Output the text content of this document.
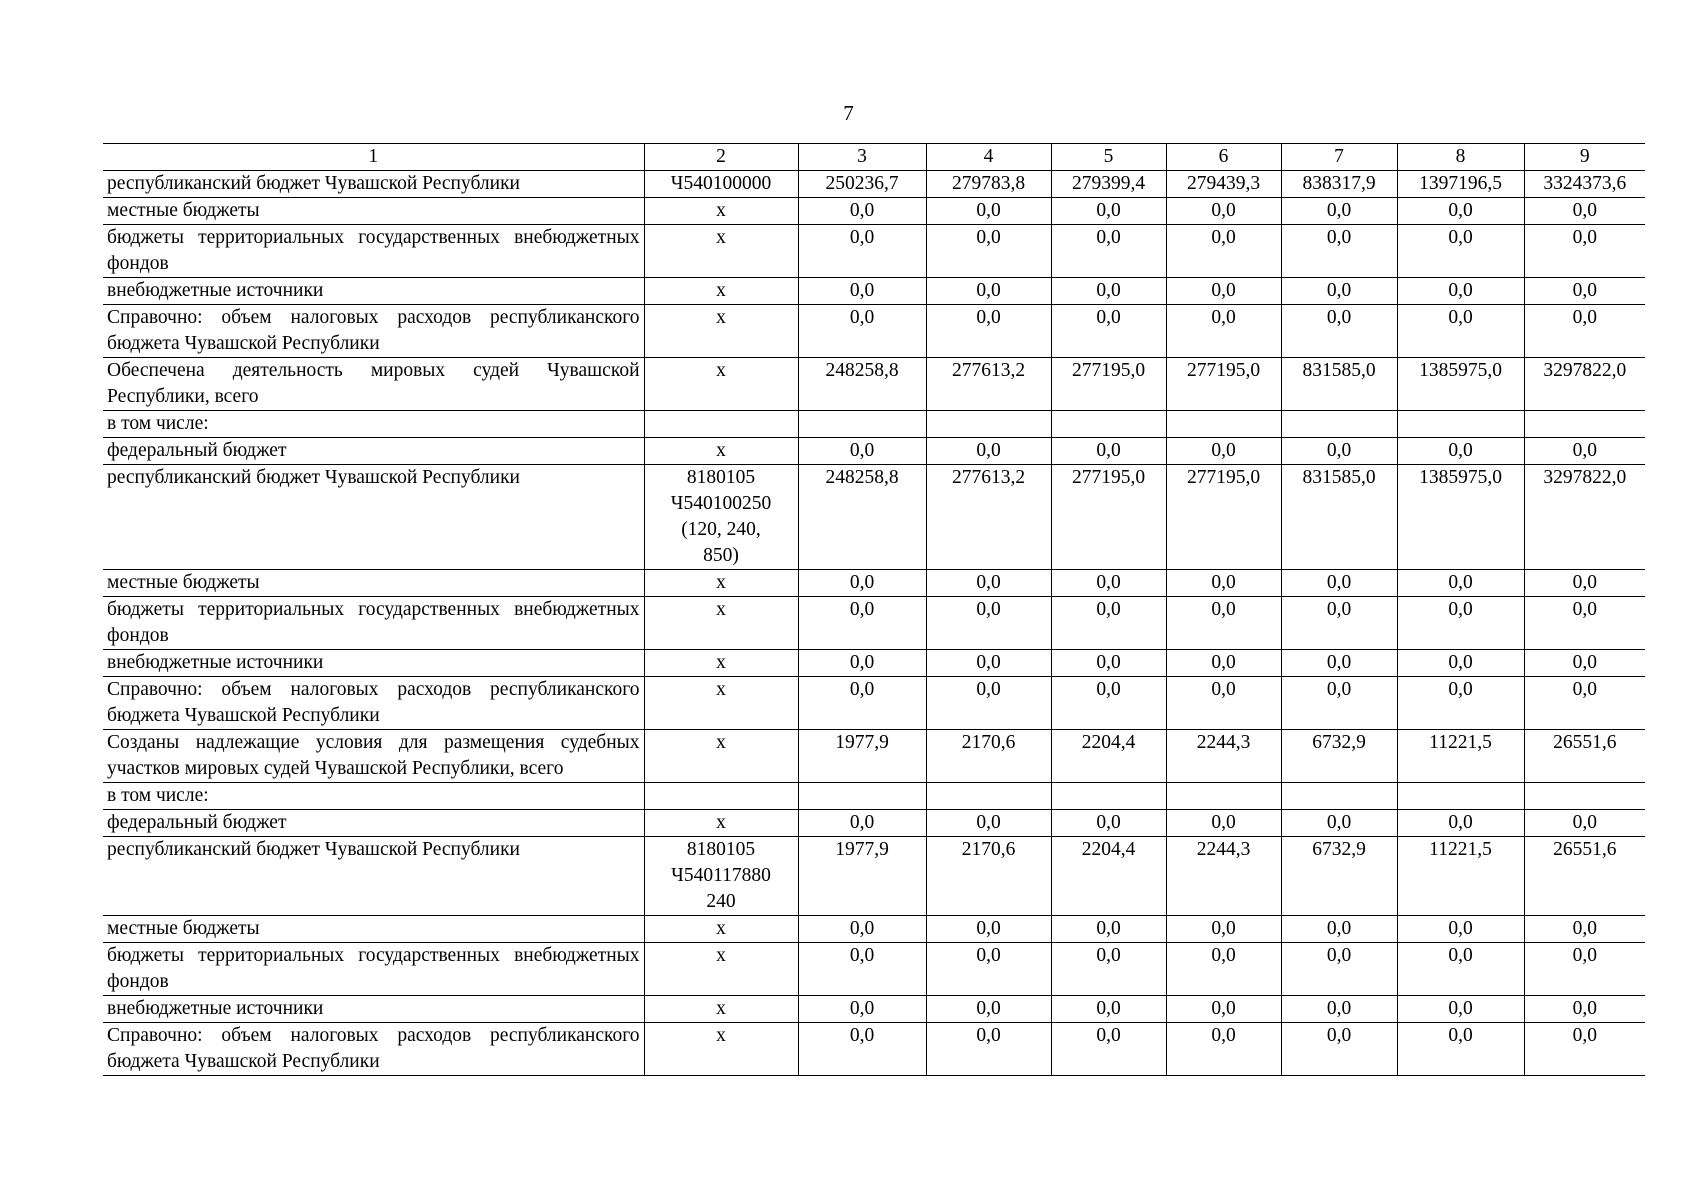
7
1	2	3	4	5	6	7	8	9
республиканский бюджет Чувашской Республики	Ч540100000	250236,7	279783,8	279399,4	279439,3	838317,9	1397196,5	3324373,6
местные бюджеты	x	0,0	0,0	0,0	0,0	0,0	0,0	0,0
бюджеты территориальных государственных внебюджетных фондов	x	0,0	0,0	0,0	0,0	0,0	0,0	0,0
внебюджетные источники	x	0,0	0,0	0,0	0,0	0,0	0,0	0,0
Справочно: объем налоговых расходов республиканского бюджета Чувашской Республики	x	0,0	0,0	0,0	0,0	0,0	0,0	0,0
Обеспечена деятельность мировых судей Чувашской Республики, всего	x	248258,8	277613,2	277195,0	277195,0	831585,0	1385975,0	3297822,0
в том числе:								
федеральный бюджет	x	0,0	0,0	0,0	0,0	0,0	0,0	0,0
республиканский бюджет Чувашской Республики	8180105
Ч540100250
(120, 240,
850)	248258,8	277613,2	277195,0	277195,0	831585,0	1385975,0	3297822,0
местные бюджеты	x	0,0	0,0	0,0	0,0	0,0	0,0	0,0
бюджеты территориальных государственных внебюджетных фондов	x	0,0	0,0	0,0	0,0	0,0	0,0	0,0
внебюджетные источники	x	0,0	0,0	0,0	0,0	0,0	0,0	0,0
Справочно: объем налоговых расходов республиканского бюджета Чувашской Республики	x	0,0	0,0	0,0	0,0	0,0	0,0	0,0
Созданы надлежащие условия для размещения судебных участков мировых судей Чувашской Республики, всего	x	1977,9	2170,6	2204,4	2244,3	6732,9	11221,5	26551,6
в том числе:								
федеральный бюджет	x	0,0	0,0	0,0	0,0	0,0	0,0	0,0
республиканский бюджет Чувашской Республики	8180105
Ч540117880
240	1977,9	2170,6	2204,4	2244,3	6732,9	11221,5	26551,6
местные бюджеты	x	0,0	0,0	0,0	0,0	0,0	0,0	0,0
бюджеты территориальных государственных внебюджетных фондов	x	0,0	0,0	0,0	0,0	0,0	0,0	0,0
внебюджетные источники	x	0,0	0,0	0,0	0,0	0,0	0,0	0,0
Справочно: объем налоговых расходов республиканского бюджета Чувашской Республики	x	0,0	0,0	0,0	0,0	0,0	0,0	0,0
